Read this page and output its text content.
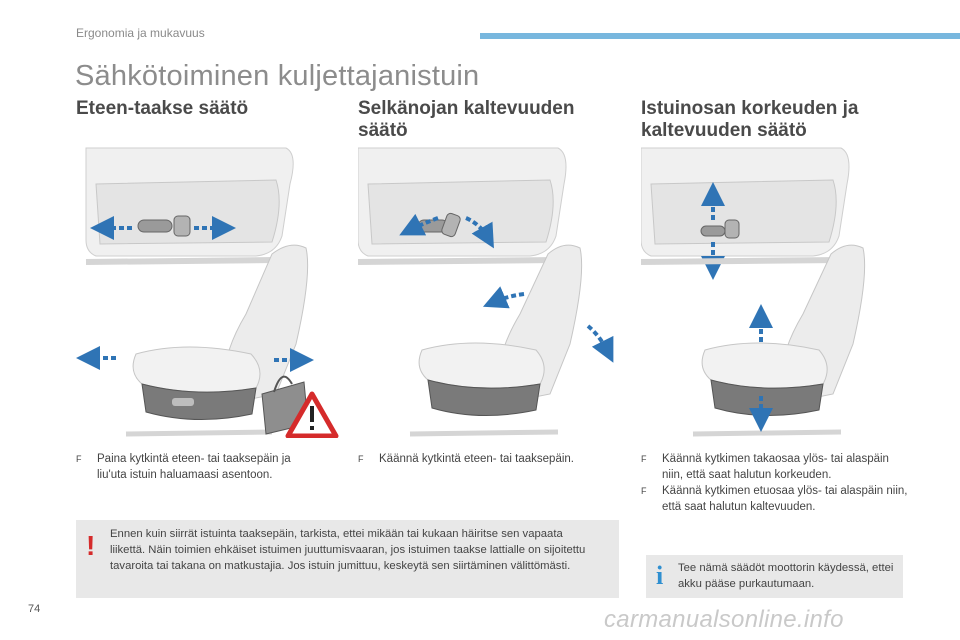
Ergonomia ja mukavuus
Sähkötoiminen kuljettajanistuin
Eteen-taakse säätö
F	Paina kytkintä eteen- tai taaksepäin ja liu'uta istuin haluamaasi asentoon.
Selkänojan kaltevuuden säätö
F	Käännä kytkintä eteen- tai taaksepäin.
Istuinosan korkeuden ja kaltevuuden säätö
F	Käännä kytkimen takaosaa ylös- tai alaspäin niin, että saat halutun korkeuden.
F	Käännä kytkimen etuosaa ylös- tai alaspäin niin, että saat halutun kaltevuuden.
! Ennen kuin siirrät istuinta taaksepäin, tarkista, ettei mikään tai kukaan häiritse sen vapaata liikettä. Näin toimien ehkäiset istuimen juuttumisvaaran, jos istuimen taakse lattialle on sijoitettu tavaroita tai takana on matkustajia. Jos istuin jumittuu, keskeytä sen siirtäminen välittömästi.	i Tee nämä säädöt moottorin käydessä, ettei akku pääse purkautumaan.
74	carmanualsonline.info
